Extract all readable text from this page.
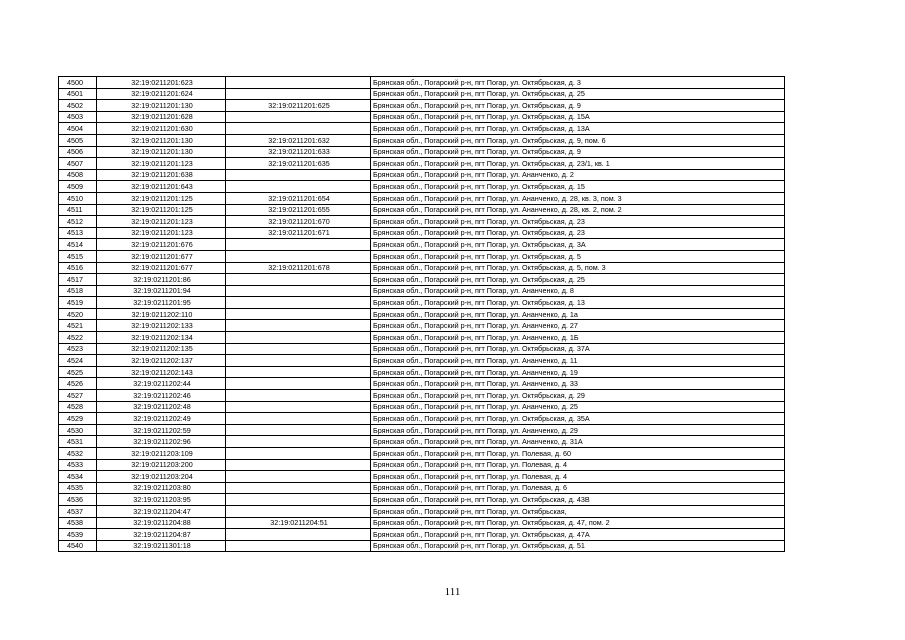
4500	32:19:0211201:623		Брянская обл., Погарский р-н, пгт Погар, ул. Октябрьская, д. 3
4501	32:19:0211201:624		Брянская обл., Погарский р-н, пгт Погар, ул. Октябрьская, д. 25
4502	32:19:0211201:130	32:19:0211201:625	Брянская обл., Погарский р-н, пгт Погар, ул. Октябрьская, д. 9
4503	32:19:0211201:628		Брянская обл., Погарский р-н, пгт Погар, ул. Октябрьская, д. 15А
4504	32:19:0211201:630		Брянская обл., Погарский р-н, пгт Погар, ул. Октябрьская, д. 13А
4505	32:19:0211201:130	32:19:0211201:632	Брянская обл., Погарский р-н, пгт Погар, ул. Октябрьская, д. 9, пом. 6
4506	32:19:0211201:130	32:19:0211201:633	Брянская обл., Погарский р-н, пгт Погар, ул. Октябрьская, д. 9
4507	32:19:0211201:123	32:19:0211201:635	Брянская обл., Погарский р-н, пгт Погар, ул. Октябрьская, д. 23/1, кв. 1
4508	32:19:0211201:638		Брянская обл., Погарский р-н, пгт Погар, ул. Ананченко, д. 2
4509	32:19:0211201:643		Брянская обл., Погарский р-н, пгт Погар, ул. Октябрьская, д. 15
4510	32:19:0211201:125	32:19:0211201:654	Брянская обл., Погарский р-н, пгт Погар, ул. Ананченко, д. 28, кв. 3, пом. 3
4511	32:19:0211201:125	32:19:0211201:655	Брянская обл., Погарский р-н, пгт Погар, ул. Ананченко, д. 28, кв. 2, пом. 2
4512	32:19:0211201:123	32:19:0211201:670	Брянская обл., Погарский р-н, пгт Погар, ул. Октябрьская, д. 23
4513	32:19:0211201:123	32:19:0211201:671	Брянская обл., Погарский р-н, пгт Погар, ул. Октябрьская, д. 23
4514	32:19:0211201:676		Брянская обл., Погарский р-н, пгт Погар, ул. Октябрьская, д. 3А
4515	32:19:0211201:677		Брянская обл., Погарский р-н, пгт Погар, ул. Октябрьская, д. 5
4516	32:19:0211201:677	32:19:0211201:678	Брянская обл., Погарский р-н, пгт Погар, ул. Октябрьская, д. 5, пом. 3
4517	32:19:0211201:86		Брянская обл., Погарский р-н, пгт Погар, ул. Октябрьская, д. 25
4518	32:19:0211201:94		Брянская обл., Погарский р-н, пгт Погар, ул. Ананченко, д. 8
4519	32:19:0211201:95		Брянская обл., Погарский р-н, пгт Погар, ул. Октябрьская, д. 13
4520	32:19:0211202:110		Брянская обл., Погарский р-н, пгт Погар, ул. Ананченко, д. 1а
4521	32:19:0211202:133		Брянская обл., Погарский р-н, пгт Погар, ул. Ананченко, д. 27
4522	32:19:0211202:134		Брянская обл., Погарский р-н, пгт Погар, ул. Ананченко, д. 1Б
4523	32:19:0211202:135		Брянская обл., Погарский р-н, пгт Погар, ул. Октябрьская, д. 37А
4524	32:19:0211202:137		Брянская обл., Погарский р-н, пгт Погар, ул. Ананченко, д. 11
4525	32:19:0211202:143		Брянская обл., Погарский р-н, пгт Погар, ул. Ананченко, д. 19
4526	32:19:0211202:44		Брянская обл., Погарский р-н, пгт Погар, ул. Ананченко, д. 33
4527	32:19:0211202:46		Брянская обл., Погарский р-н, пгт Погар, ул. Октябрьская, д. 29
4528	32:19:0211202:48		Брянская обл., Погарский р-н, пгт Погар, ул. Ананченко, д. 25
4529	32:19:0211202:49		Брянская обл., Погарский р-н, пгт Погар, ул. Октябрьская, д. 35А
4530	32:19:0211202:59		Брянская обл., Погарский р-н, пгт Погар, ул. Ананченко, д. 29
4531	32:19:0211202:96		Брянская обл., Погарский р-н, пгт Погар, ул. Ананченко, д. 31А
4532	32:19:0211203:109		Брянская обл., Погарский р-н, пгт Погар, ул. Полевая, д. 60
4533	32:19:0211203:200		Брянская обл., Погарский р-н, пгт Погар, ул. Полевая, д. 4
4534	32:19:0211203:204		Брянская обл., Погарский р-н, пгт Погар, ул. Полевая, д. 4
4535	32:19:0211203:80		Брянская обл., Погарский р-н, пгт Погар, ул. Полевая, д. 6
4536	32:19:0211203:95		Брянская обл., Погарский р-н, пгт Погар, ул. Октябрьская, д. 43В
4537	32:19:0211204:47		Брянская обл., Погарский р-н, пгт Погар, ул. Октябрьская,
4538	32:19:0211204:88	32:19:0211204:51	Брянская обл., Погарский р-н, пгт Погар, ул. Октябрьская, д. 47, пом. 2
4539	32:19:0211204:87		Брянская обл., Погарский р-н, пгт Погар, ул. Октябрьская, д. 47А
4540	32:19:0211301:18		Брянская обл., Погарский р-н, пгт Погар, ул. Октябрьская, д. 51
111
